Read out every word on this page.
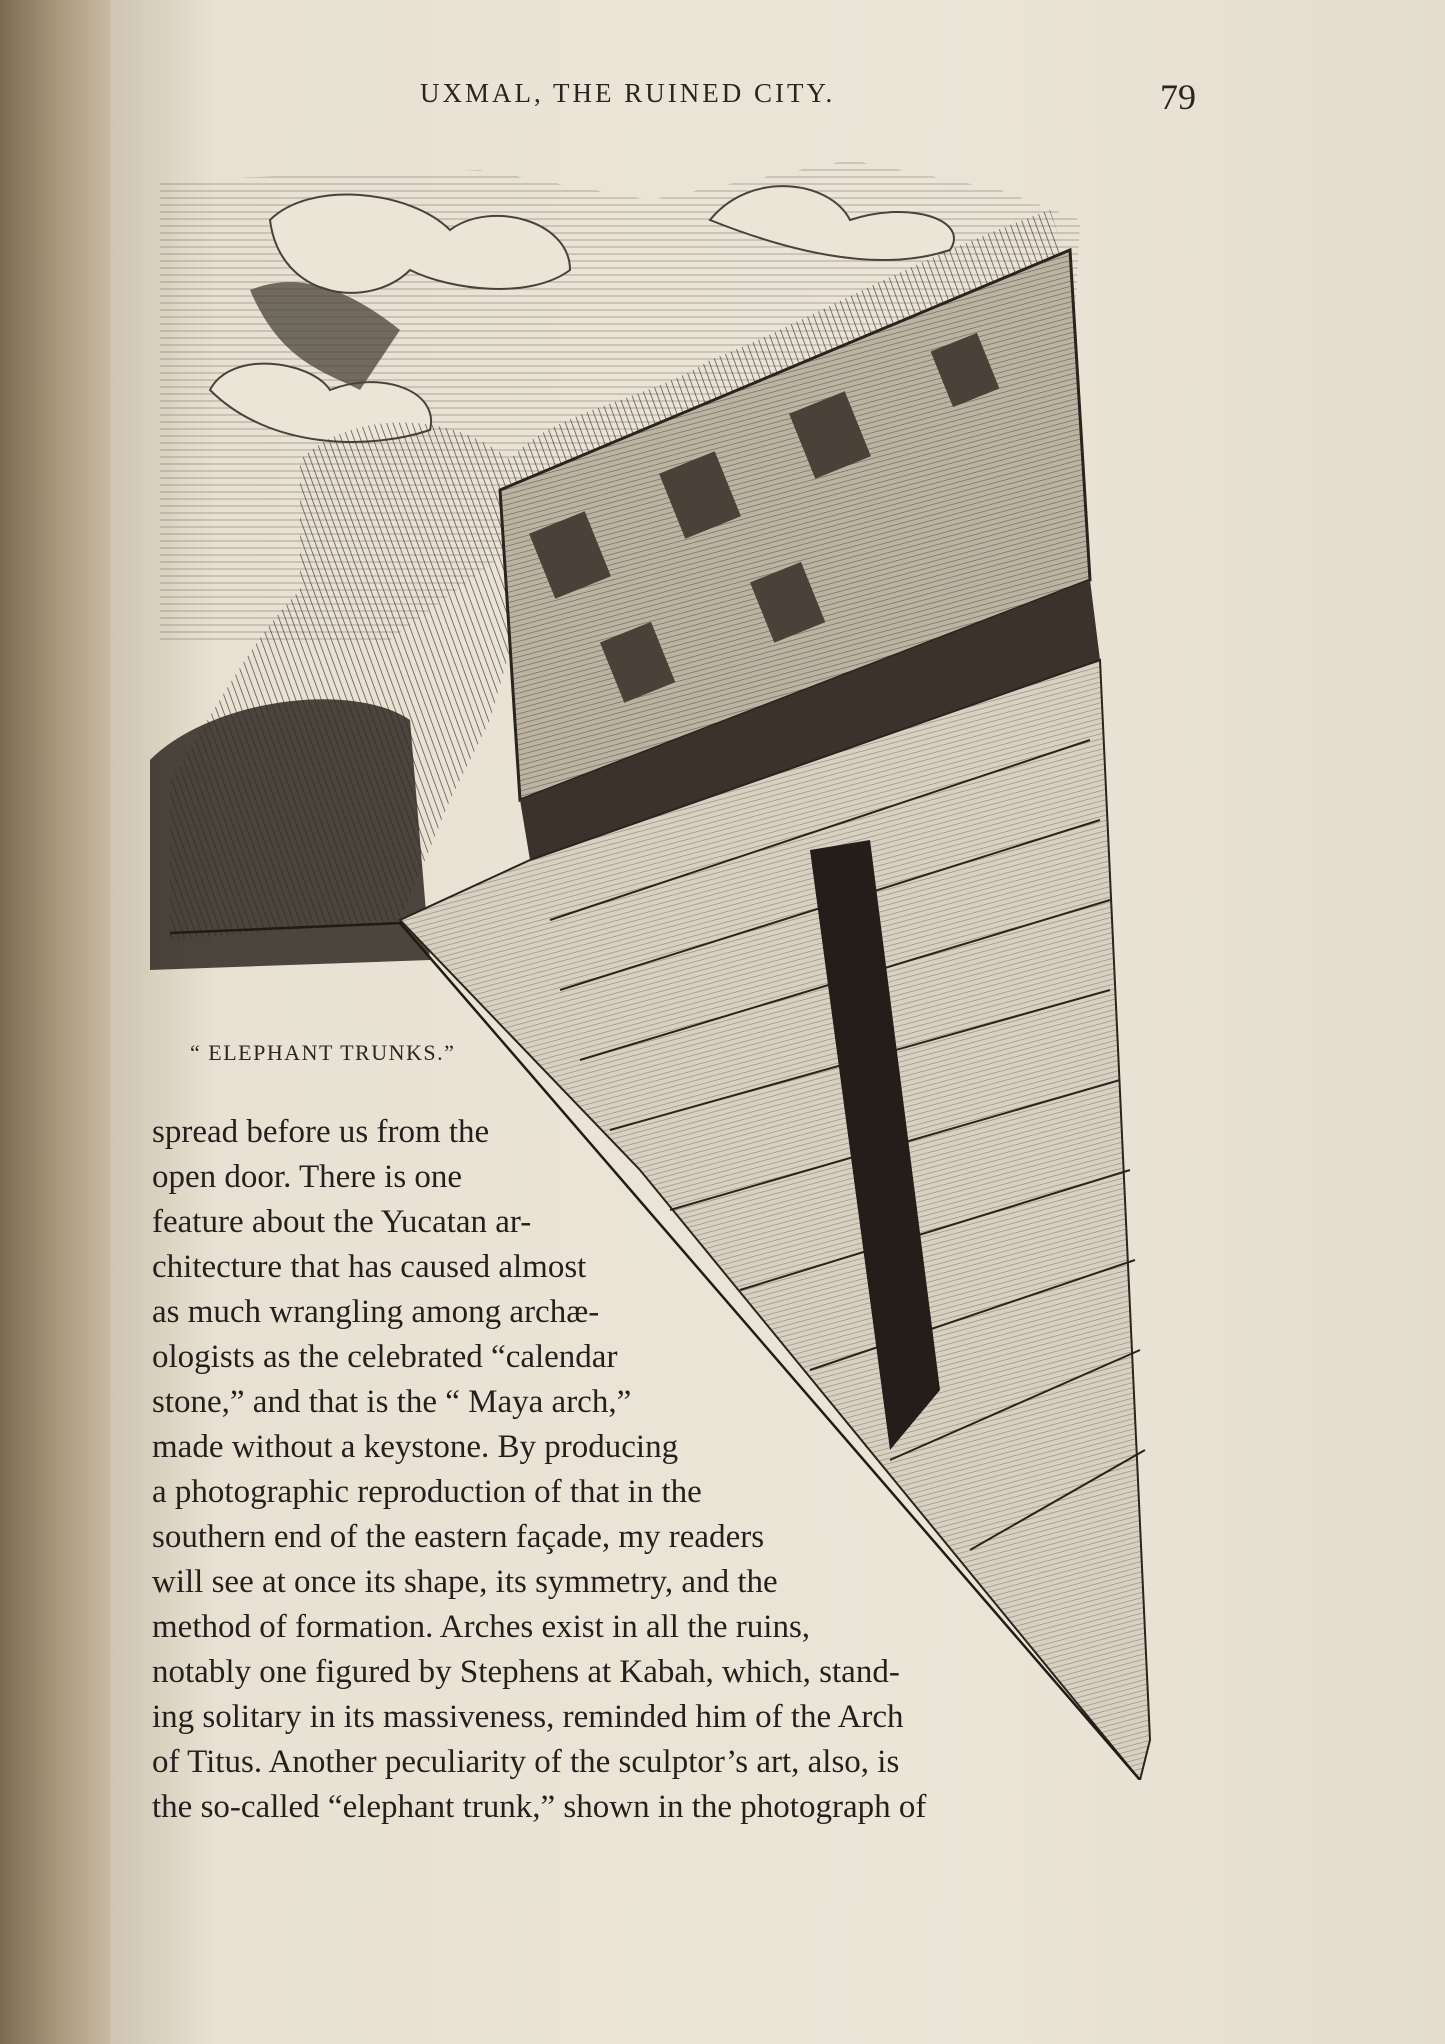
UXMAL, THE RUINED CITY.	79
“ ELEPHANT TRUNKS.”

spread before us from the

open door. There is one

feature about the Yucatan ar-

chitecture that has caused almost

as much wrangling among archæ-

ologists as the celebrated “calendar

stone,” and that is the “ Maya arch,”

made without a keystone. By producing

a photographic reproduction of that in the

southern end of the eastern façade, my readers

will see at once its shape, its symmetry, and the

method of formation. Arches exist in all the ruins,

notably one figured by Stephens at Kabah, which, stand-

ing solitary in its massiveness, reminded him of the Arch

of Titus. Another peculiarity of the sculptor’s art, also, is

the so-called “elephant trunk,” shown in the photograph of
